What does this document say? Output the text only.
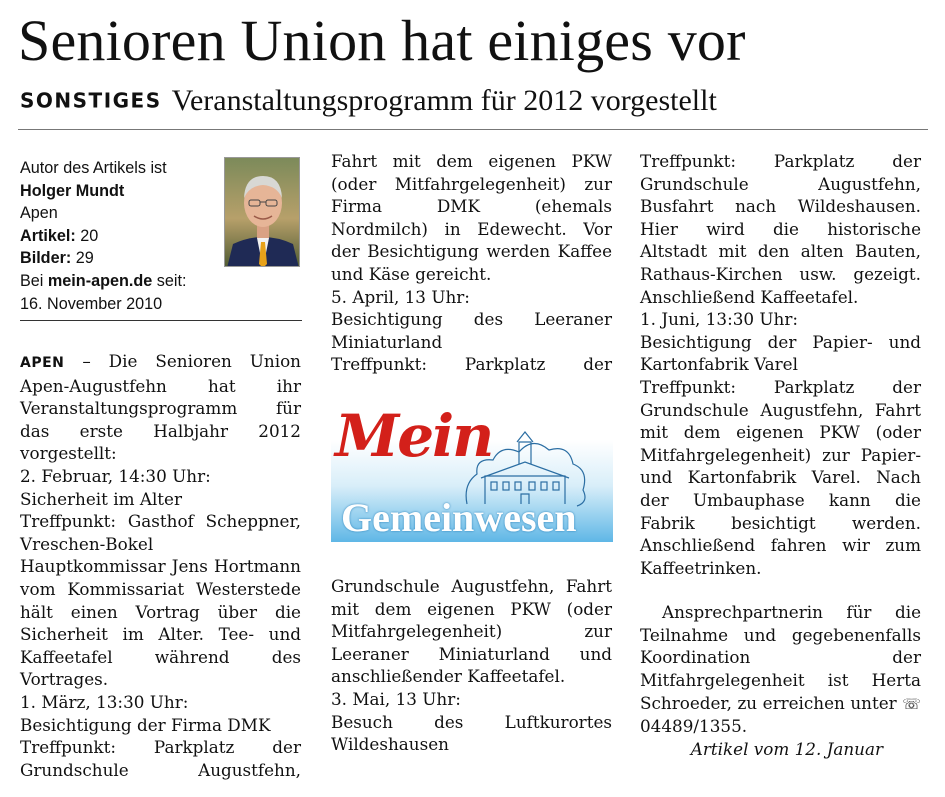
Senioren Union hat einiges vor
SONSTIGES Veranstaltungsprogramm für 2012 vorgestellt
Autor des Artikels ist
Holger Mundt
Apen
Artikel: 20
Bilder: 29
Bei mein-apen.de seit:
16. November 2010
APEN – Die Senioren Union Apen-Augustfehn hat ihr Veranstaltungsprogramm für das erste Halbjahr 2012 vorgestellt:
2. Februar, 14:30 Uhr:
Sicherheit im Alter
Treffpunkt: Gasthof Scheppner, Vreschen-Bokel Hauptkommissar Jens Hortmann vom Kommissariat Westerstede hält einen Vortrag über die Sicherheit im Alter. Tee- und Kaffeetafel während des Vortrages.
1. März, 13:30 Uhr:
Besichtigung der Firma DMK
Treffpunkt: Parkplatz der Grundschule Augustfehn,
Fahrt mit dem eigenen PKW (oder Mitfahrgelegenheit) zur Firma DMK (ehemals Nordmilch) in Edewecht. Vor der Besichtigung werden Kaffee und Käse gereicht.
5. April, 13 Uhr:
Besichtigung des Leeraner Miniaturland
Treffpunkt: Parkplatz der
Mein
Gemeinwesen
Grundschule Augustfehn, Fahrt mit dem eigenen PKW (oder Mitfahrgelegenheit) zur Leeraner Miniaturland und anschließender Kaffeetafel.
3. Mai, 13 Uhr:
Besuch des Luftkurortes Wildeshausen
Treffpunkt: Parkplatz der Grundschule Augustfehn, Busfahrt nach Wildeshausen. Hier wird die historische Altstadt mit den alten Bauten, Rathaus-Kirchen usw. gezeigt. Anschließend Kaffeetafel.
1. Juni, 13:30 Uhr:
Besichtigung der Papier- und Kartonfabrik Varel
Treffpunkt: Parkplatz der Grundschule Augustfehn, Fahrt mit dem eigenen PKW (oder Mitfahrgelegenheit) zur Papier- und Kartonfabrik Varel. Nach der Umbauphase kann die Fabrik besichtigt werden. Anschließend fahren wir zum Kaffeetrinken.
Ansprechpartnerin für die Teilnahme und gegebenenfalls Koordination der Mitfahrgelegenheit ist Herta Schroeder, zu erreichen unter ☏ 04489/1355.
Artikel vom 12. Januar
